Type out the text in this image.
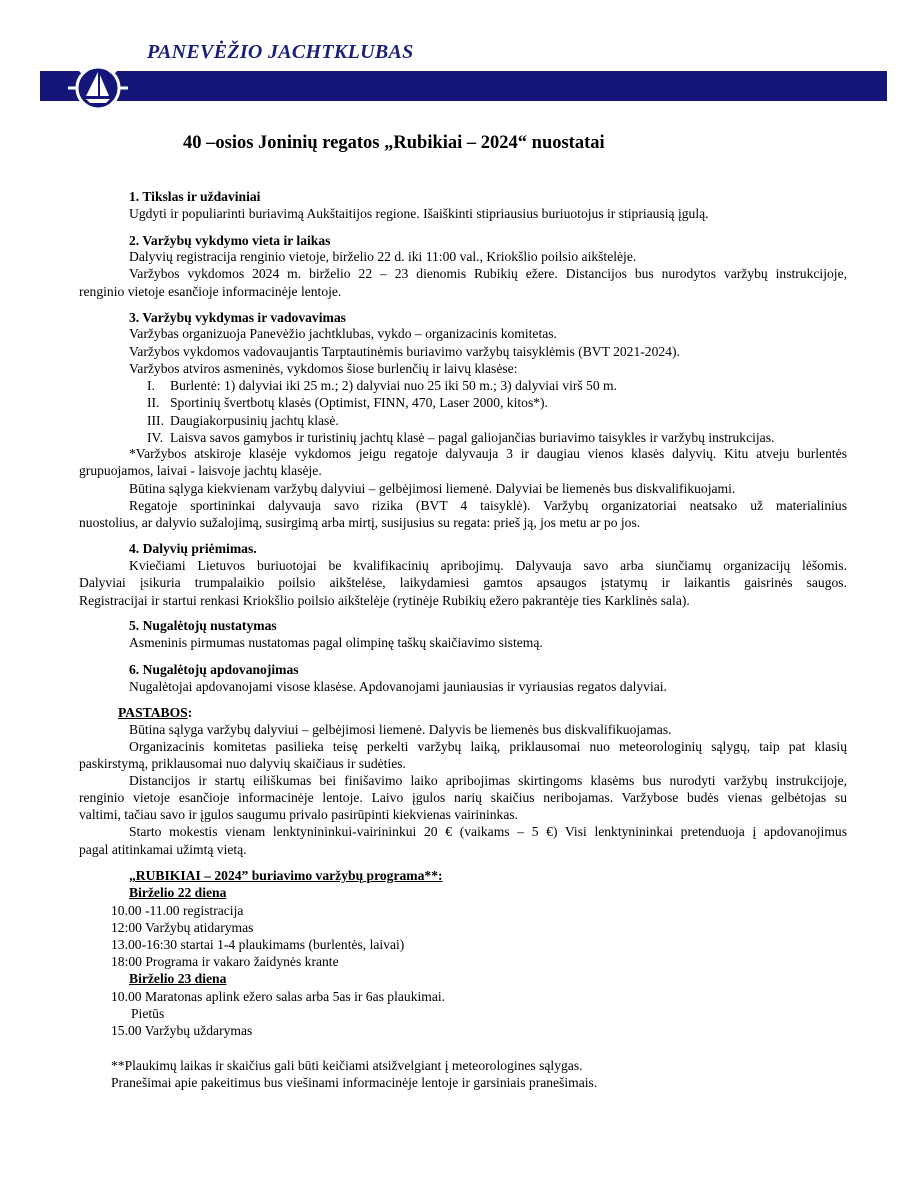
PANEVĖŽIO JACHTKLUBAS
40 –osios Joninių regatos „Rubikiai – 2024“ nuostatai
1. Tikslas ir uždaviniai
Ugdyti ir populiarinti buriavimą Aukštaitijos regione. Išaiškinti stipriausius buriuotojus ir stipriausią įgulą.
2. Varžybų vykdymo vieta ir laikas
Dalyvių registracija renginio vietoje, birželio 22 d. iki 11:00 val., Kriokšlio poilsio aikštelėje.
Varžybos vykdomos 2024 m. birželio 22 – 23 dienomis Rubikių ežere. Distancijos bus nurodytos varžybų instrukcijoje,
renginio vietoje esančioje informacinėje lentoje.
3. Varžybų vykdymas ir vadovavimas
Varžybas organizuoja Panevėžio jachtklubas, vykdo – organizacinis komitetas.
Varžybos vykdomos vadovaujantis Tarptautinėmis buriavimo varžybų taisyklėmis (BVT 2021-2024).
Varžybos atviros asmeninės, vykdomos šiose burlenčių ir laivų klasėse:
I. Burlentė: 1) dalyviai iki 25 m.; 2) dalyviai nuo 25 iki 50 m.; 3) dalyviai virš 50 m.
II. Sportinių švertbotų klasės (Optimist, FINN, 470, Laser 2000, kitos*).
III. Daugiakorpusinių jachtų klasė.
IV. Laisva savos gamybos ir turistinių jachtų klasė – pagal galiojančias buriavimo taisykles ir varžybų instrukcijas.
*Varžybos atskiroje klasėje vykdomos jeigu regatoje dalyvauja 3 ir daugiau vienos klasės dalyvių. Kitu atveju burlentės
grupuojamos, laivai - laisvoje jachtų klasėje.
Būtina sąlyga kiekvienam varžybų dalyviui – gelbėjimosi liemenė. Dalyviai be liemenės bus diskvalifikuojami.
Regatoje sportininkai dalyvauja savo rizika (BVT 4 taisyklė). Varžybų organizatoriai neatsako už materialinius
nuostolius, ar dalyvio sužalojimą, susirgimą arba mirtį, susijusius su regata: prieš ją, jos metu ar po jos.
4. Dalyvių priėmimas.
Kviečiami Lietuvos buriuotojai be kvalifikacinių apribojimų. Dalyvauja savo arba siunčiamų organizacijų lėšomis.
Dalyviai įsikuria trumpalaikio poilsio aikštelėse, laikydamiesi gamtos apsaugos įstatymų ir laikantis gaisrinės saugos.
Registracijai ir startui renkasi Kriokšlio poilsio aikštelėje (rytinėje Rubikių ežero pakrantėje ties Karklinės sala).
5. Nugalėtojų nustatymas
Asmeninis pirmumas nustatomas pagal olimpinę taškų skaičiavimo sistemą.
6. Nugalėtojų apdovanojimas
Nugalėtojai apdovanojami visose klasėse. Apdovanojami jauniausias ir vyriausias regatos dalyviai.
PASTABOS:
Būtina sąlyga varžybų dalyviui – gelbėjimosi liemenė. Dalyvis be liemenės bus diskvalifikuojamas.
Organizacinis komitetas pasilieka teisę perkelti varžybų laiką, priklausomai nuo meteorologinių sąlygų, taip pat klasių
paskirstymą, priklausomai nuo dalyvių skaičiaus ir sudėties.
Distancijos ir startų eiliškumas bei finišavimo laiko apribojimas skirtingoms klasėms bus nurodyti varžybų instrukcijoje,
renginio vietoje esančioje informacinėje lentoje. Laivo įgulos narių skaičius neribojamas. Varžybose budės vienas gelbėtojas su
valtimi, tačiau savo ir įgulos saugumu privalo pasirūpinti kiekvienas vairininkas.
Starto mokestis vienam lenktynininkui-vairininkui 20 € (vaikams – 5 €) Visi lenktynininkai pretenduoja į apdovanojimus
pagal atitinkamai užimtą vietą.
„RUBIKIAI – 2024” buriavimo varžybų programa**:
Birželio 22 diena
10.00 -11.00 registracija
12:00 Varžybų atidarymas
13.00-16:30 startai 1-4 plaukimams (burlentės, laivai)
18:00 Programa ir vakaro žaidynės krante
Birželio 23 diena
10.00 Maratonas aplink ežero salas arba 5as ir 6as plaukimai.
Pietūs
15.00 Varžybų uždarymas
**Plaukimų laikas ir skaičius gali būti keičiami atsižvelgiant į meteorologines sąlygas.
Pranešimai apie pakeitimus bus viešinami informacinėje lentoje ir garsiniais pranešimais.
